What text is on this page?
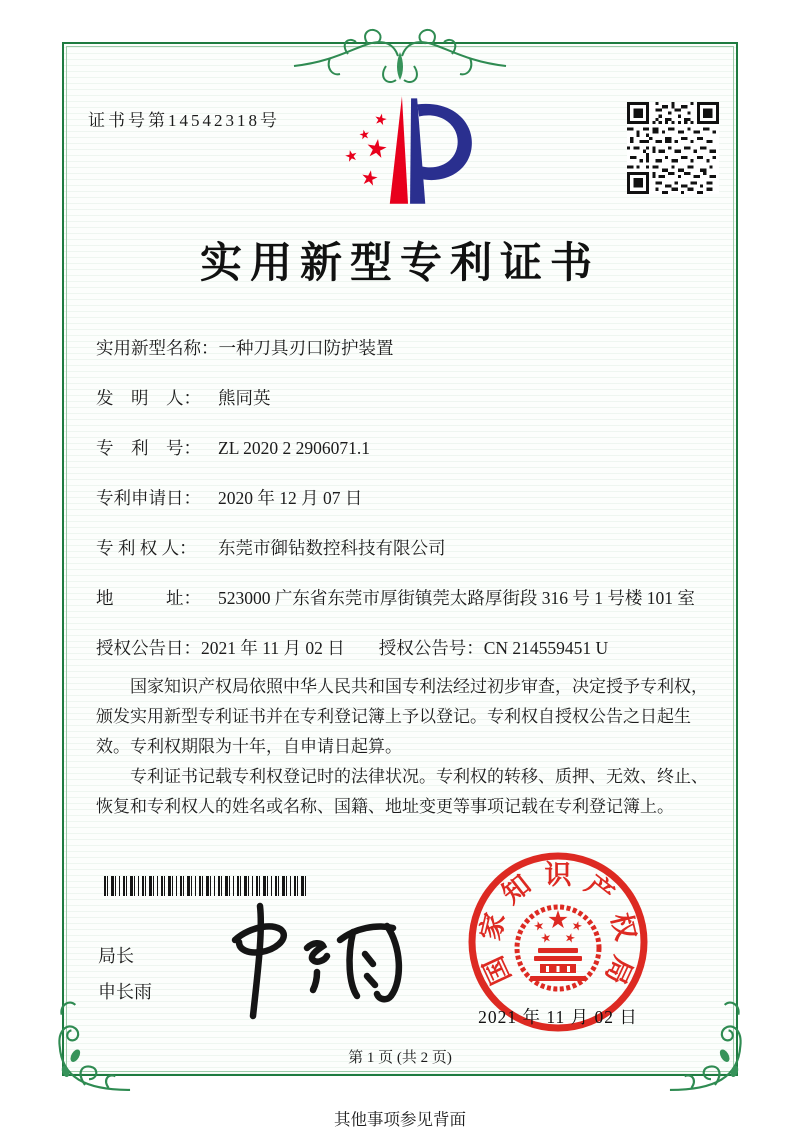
证书号第14542318号
实用新型专利证书
实用新型名称： 一种刀具刃口防护装置
发　明　人： 熊同英
专　利　号： ZL 2020 2 2906071.1
专利申请日： 2020 年 12 月 07 日
专 利 权 人：	东莞市御钻数控科技有限公司
地　　　址： 523000 广东省东莞市厚街镇莞太路厚街段 316 号 1 号楼 101 室
授权公告日： 2021 年 11 月 02 日 授权公告号： CN 214559451 U

国家知识产权局依照中华人民共和国专利法经过初步审查，决定授予专利权，颁发实用新型专利证书并在专利登记簿上予以登记。专利权自授权公告之日起生效。专利权期限为十年，自申请日起算。

专利证书记载专利权登记时的法律状况。专利权的转移、质押、无效、终止、恢复和专利权人的姓名或名称、国籍、地址变更等事项记载在专利登记簿上。

局长
申长雨
国
家
知 识 产
权
局
2021 年 11 月 02 日
第 1 页 (共 2 页)
其他事项参见背面
